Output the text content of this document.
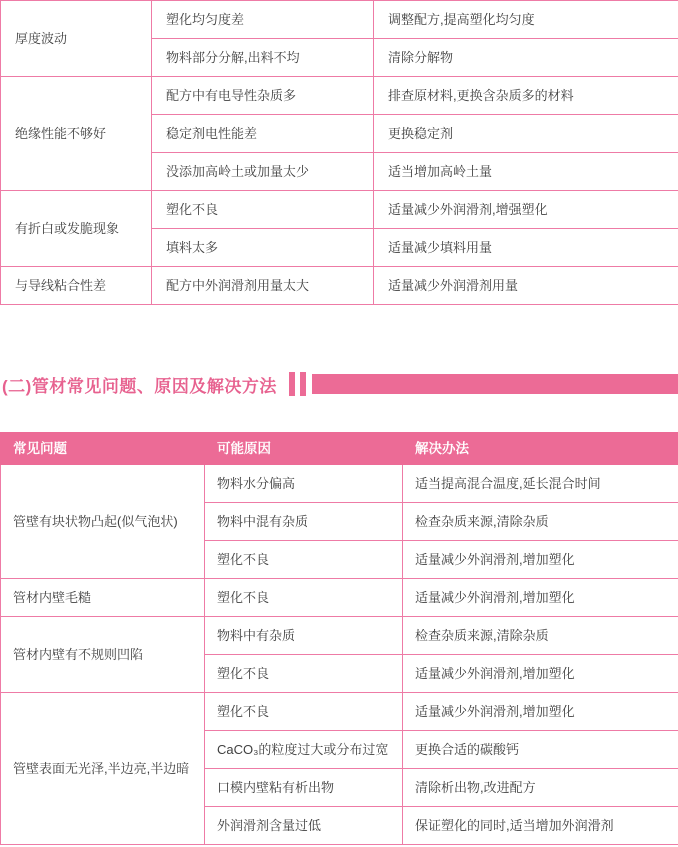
厚度波动	塑化均匀度差	调整配方,提高塑化均匀度
	物料部分分解,出料不均	清除分解物
绝缘性能不够好	配方中有电导性杂质多	排查原材料,更换含杂质多的材料
	稳定剂电性能差	更换稳定剂
	没添加高岭土或加量太少	适当增加高岭土量
有折白或发脆现象	塑化不良	适量减少外润滑剂,增强塑化
	填料太多	适量减少填料用量
与导线粘合性差	配方中外润滑剂用量太大	适量减少外润滑剂用量
(二)管材常见问题、原因及解决方法
常见问题	可能原因	解决办法
管壁有块状物凸起(似气泡状)	物料水分偏高	适当提高混合温度,延长混合时间
	物料中混有杂质	检查杂质来源,清除杂质
	塑化不良	适量减少外润滑剂,增加塑化
管材内壁毛糙	塑化不良	适量减少外润滑剂,增加塑化
管材内壁有不规则凹陷	物料中有杂质	检查杂质来源,清除杂质
	塑化不良	适量减少外润滑剂,增加塑化
管壁表面无光泽,半边亮,半边暗	塑化不良	适量减少外润滑剂,增加塑化
	CaCO₃的粒度过大或分布过宽	更换合适的碳酸钙
	口模内壁粘有析出物	清除析出物,改进配方
	外润滑剂含量过低	保证塑化的同时,适当增加外润滑剂
